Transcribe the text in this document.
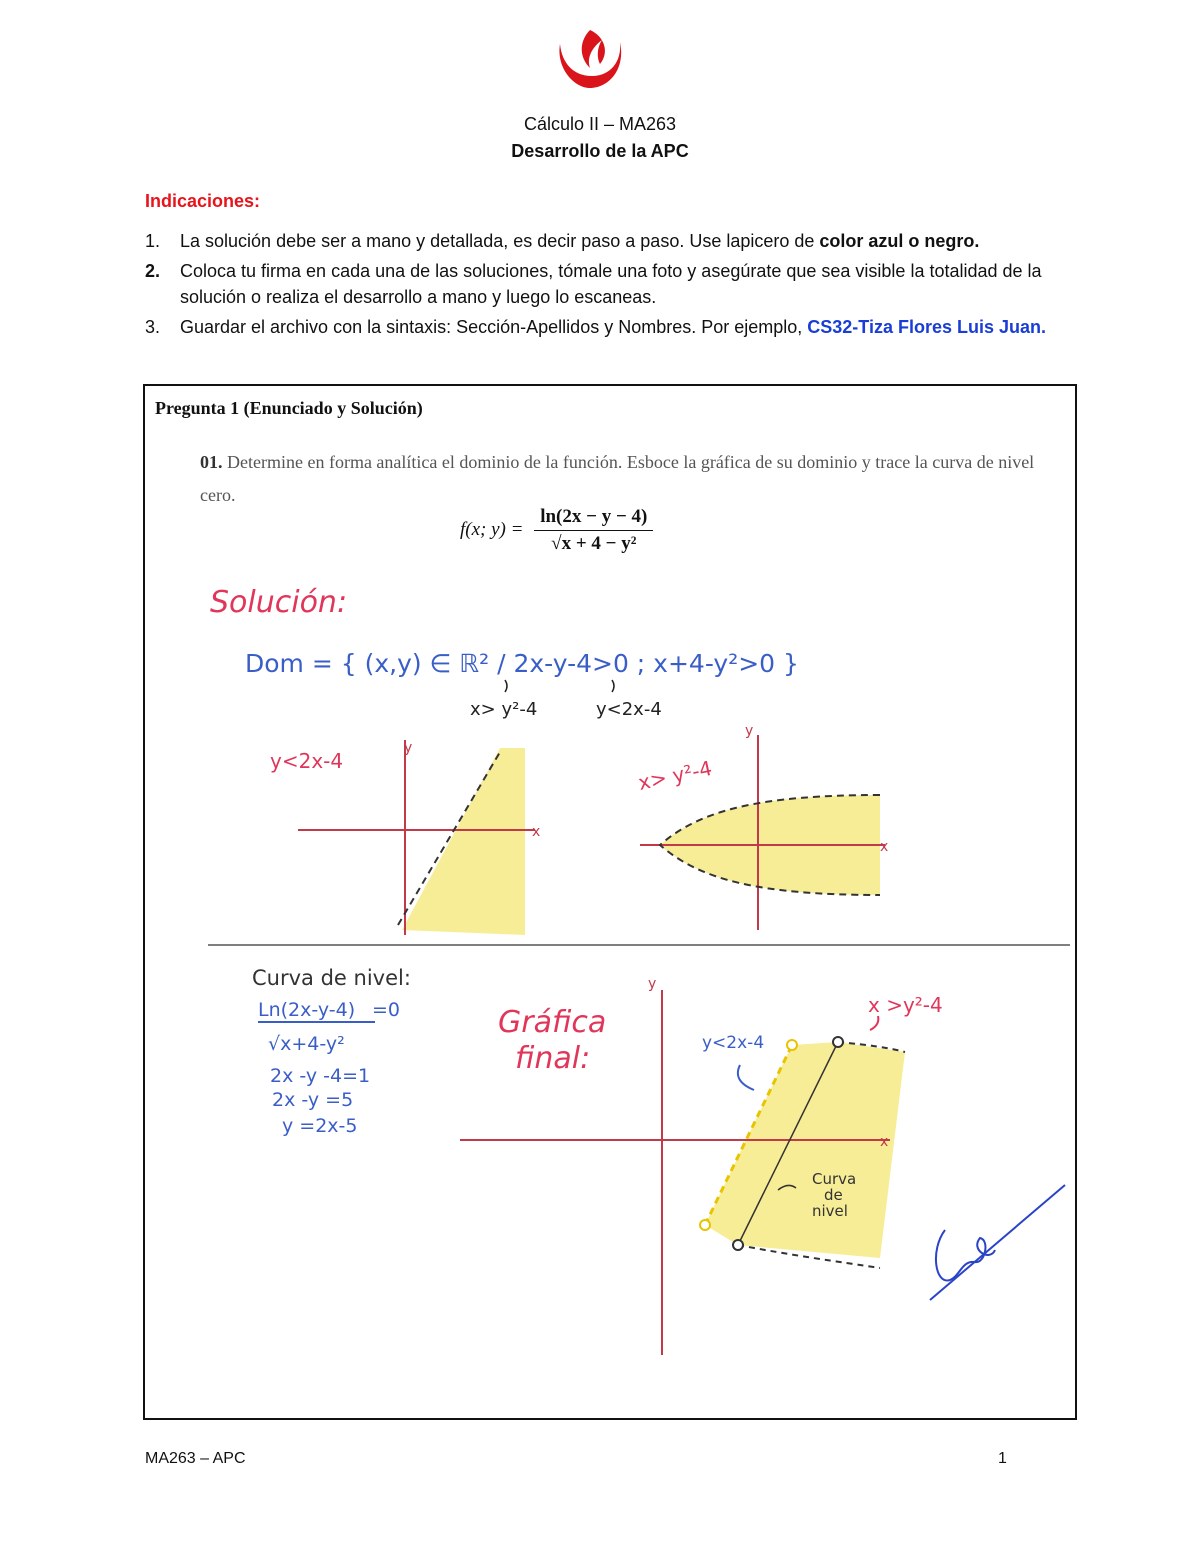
Cálculo II – MA263
Desarrollo de la APC
Indicaciones:
1. La solución debe ser a mano y detallada, es decir paso a paso. Use lapicero de color azul o negro.
2. Coloca tu firma en cada una de las soluciones, tómale una foto y asegúrate que sea visible la totalidad de la solución o realiza el desarrollo a mano y luego lo escaneas.
3. Guardar el archivo con la sintaxis: Sección-Apellidos y Nombres. Por ejemplo, CS32-Tiza Flores Luis Juan.
Pregunta 1 (Enunciado y Solución)
01. Determine en forma analítica el dominio de la función. Esboce la gráfica de su dominio y trace la curva de nivel cero.
f(x; $y) = \frac{\ln(2x - y - 4)}{\text{√x + 4 − y²}}$
Solución:
Dom = { (x,y) ∈ ℝ² / 2x-y-4>0 ; x+4-y²>0 }
x> y²-4	y<2x-4
x
y
y<2x-4
x
y
x> y²-4
Curva de nivel:
Ln(2x-y-4) =0
√x+4-y²
2x -y -4=1
2x -y =5
y =2x-5
Gráfica
final:
x
y
y<2x-4
x >y²-4
Curva
de
nivel
MA263 – APC	1
